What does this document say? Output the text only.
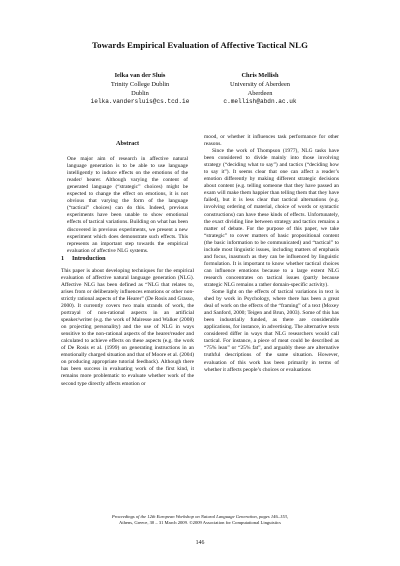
Towards Empirical Evaluation of Affective Tactical NLG
Ielka van der Sluis
Trinity College Dublin
Dublin
ielka.vandersluis@cs.tcd.ie
Chris Mellish
University of Aberdeen
Aberdeen
c.mellish@abdn.ac.uk
Abstract

One major aim of research in affective natural language generation is to be able to use language intelligently to induce effects on the emotions of the reader/ hearer. Although varying the content of generated language (“strategic” choices) might be expected to change the effect on emotions, it is not obvious that varying the form of the language (“tactical” choices) can do this. Indeed, previous experiments have been unable to show emotional effects of tactical variations. Building on what has been discovered in previous experiments, we present a new experiment which does demonstrate such effects. This represents an important step towards the empirical evaluation of affective NLG systems.

1 Introduction

This paper is about developing techniques for the empirical evaluation of affective natural language generation (NLG). Affective NLG has been defined as “NLG that relates to, arises from or deliberately influences emotions or other non-strictly rational aspects of the Hearer” (De Rosis and Grasso, 2000). It currently covers two main strands of work, the portrayal of non-rational aspects in an artificial speaker/writer (e.g. the work of Mairesse and Walker (2008) on projecting personality) and the use of NLG in ways sensitive to the non-rational aspects of the hearer/reader and calculated to achieve effects on these aspects (e.g. the work of De Rosis et al. (1999) on generating instructions in an emotionally charged situation and that of Moore et al. (2004) on producing appropriate tutorial feedback). Although there has been success in evaluating work of the first kind, it remains more problematic to evaluate whether work of the second type directly affects emotion or

mood, or whether it influences task performance for other reasons.

Since the work of Thompson (1977), NLG tasks have been considered to divide mainly into those involving strategy (“deciding what to say”) and tactics (“deciding how to say it”). It seems clear that one can affect a reader’s emotion differently by making different strategic decisions about content (e.g. telling someone that they have passed an exam will make them happier than telling them that they have failed), but it is less clear that tactical alternations (e.g. involving ordering of material, choice of words or syntactic constructions) can have these kinds of effects. Unfortunately, the exact dividing line between strategy and tactics remains a matter of debate. For the purpose of this paper, we take “strategic” to cover matters of basic propositional content (the basic information to be communicated) and “tactical” to include most linguistic issues, including matters of emphasis and focus, inasmuch as they can be influenced by linguistic formulation. It is important to know whether tactical choices can influence emotions because to a large extent NLG research concentrates on tactical issues (partly because strategic NLG remains a rather domain-specific activity).

Some light on the effects of tactical variations in text is shed by work in Psychology, where there has been a great deal of work on the effects of the “framing” of a text (Moxey and Sanford, 2000; Teigen and Brun, 2003). Some of this has been industrially funded, as there are considerable applications, for instance, in advertising. The alternative texts considered differ in ways that NLG researchers would call tactical. For instance, a piece of meat could be described as “75% lean” or “25% fat”, and arguably these are alternative truthful descriptions of the same situation. However, evaluation of this work has been primarily in terms of whether it affects people’s choices or evaluations

Proceedings of the 12th European Workshop on Natural Language Generation, pages 146–153,
Athens, Greece, 30 – 31 March 2009. ©2009 Association for Computational Linguistics
146
